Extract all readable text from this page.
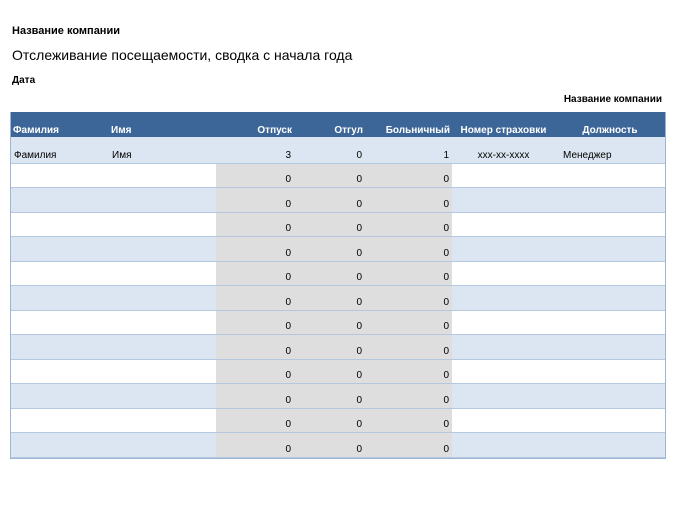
Название компании
Отслеживание посещаемости, сводка с начала года
Дата
Название компании
Фамилия	Имя	Отпуск	Отгул	Больничный	Номер страховки	Должность
Фамилия	Имя	3	0	1	xxx-xx-xxxx	Менеджер
		0	0	0		
		0	0	0		
		0	0	0		
		0	0	0		
		0	0	0		
		0	0	0		
		0	0	0		
		0	0	0		
		0	0	0		
		0	0	0		
		0	0	0		
		0	0	0		
